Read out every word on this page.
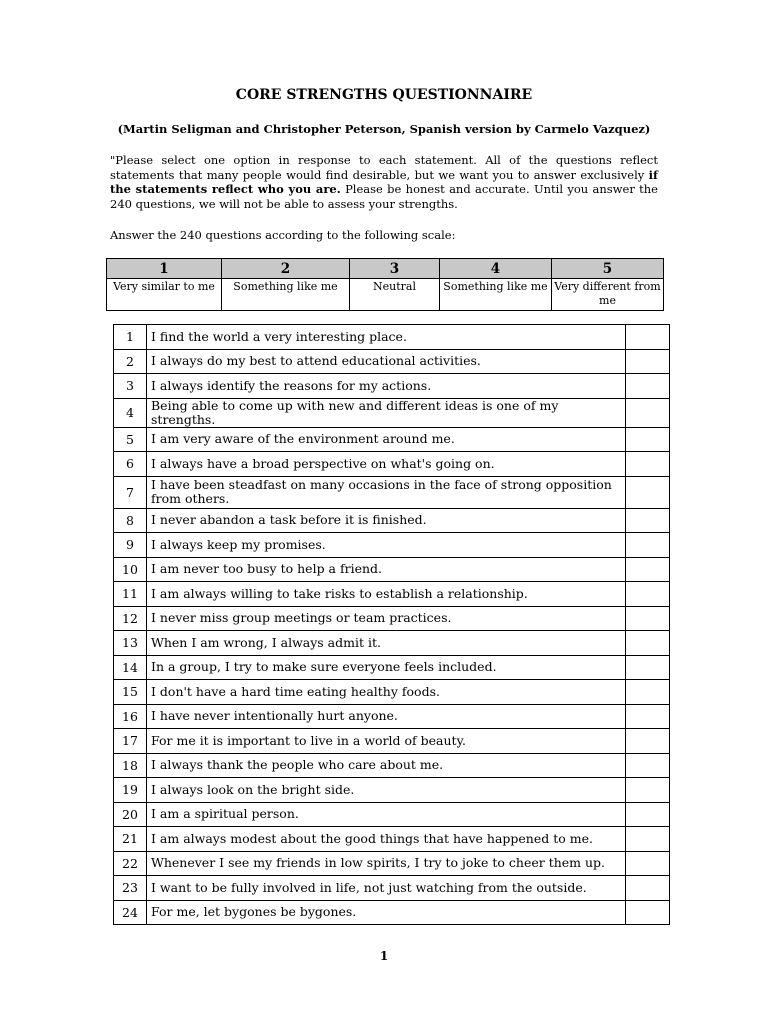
CORE STRENGTHS QUESTIONNAIRE
(Martin Seligman and Christopher Peterson, Spanish version by Carmelo Vazquez)
"Please select one option in response to each statement. All of the questions reflect statements that many people would find desirable, but we want you to answer exclusively if the statements reflect who you are. Please be honest and accurate. Until you answer the 240 questions, we will not be able to assess your strengths.
Answer the 240 questions according to the following scale:
1	2	3	4	5
Very similar to me	Something like me	Neutral	Something like me	Very different from me
1	I find the world a very interesting place.	
2	I always do my best to attend educational activities.	
3	I always identify the reasons for my actions.	
4	Being able to come up with new and different ideas is one of my strengths.	
5	I am very aware of the environment around me.	
6	I always have a broad perspective on what's going on.	
7	I have been steadfast on many occasions in the face of strong opposition from others.	
8	I never abandon a task before it is finished.	
9	I always keep my promises.	
10	I am never too busy to help a friend.	
11	I am always willing to take risks to establish a relationship.	
12	I never miss group meetings or team practices.	
13	When I am wrong, I always admit it.	
14	In a group, I try to make sure everyone feels included.	
15	I don't have a hard time eating healthy foods.	
16	I have never intentionally hurt anyone.	
17	For me it is important to live in a world of beauty.	
18	I always thank the people who care about me.	
19	I always look on the bright side.	
20	I am a spiritual person.	
21	I am always modest about the good things that have happened to me.	
22	Whenever I see my friends in low spirits, I try to joke to cheer them up.	
23	I want to be fully involved in life, not just watching from the outside.	
24	For me, let bygones be bygones.	
1
